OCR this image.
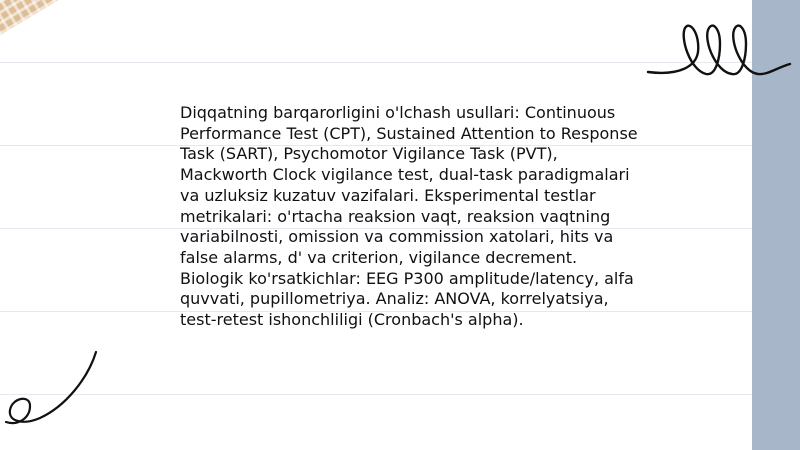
Diqqatning barqarorligini o'lchash usullari: Continuous Performance Test (CPT), Sustained Attention to Response Task (SART), Psychomotor Vigilance Task (PVT), Mackworth Clock vigilance test, dual-task paradigmalari va uzluksiz kuzatuv vazifalari. Eksperimental testlar metrikalari: o'rtacha reaksion vaqt, reaksion vaqtning variabilnosti, omission va commission xatolari, hits va false alarms, d' va criterion, vigilance decrement. Biologik ko'rsatkichlar: EEG P300 amplitude/latency, alfa quvvati, pupillometriya. Analiz: ANOVA, korrelyatsiya, test-retest ishonchliligi (Cronbach's alpha).
